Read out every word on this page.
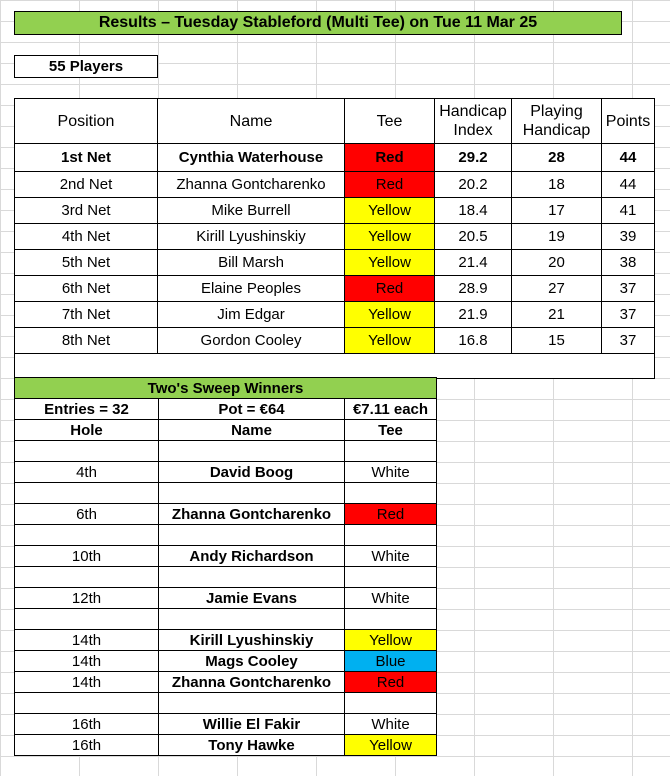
Results – Tuesday Stableford (Multi Tee) on Tue 11 Mar 25
55 Players
Position	Name	Tee	Handicap Index	Playing Handicap	Points
1st Net	Cynthia Waterhouse	Red	29.2	28	44
2nd Net	Zhanna Gontcharenko	Red	20.2	18	44
3rd Net	Mike Burrell	Yellow	18.4	17	41
4th Net	Kirill Lyushinskiy	Yellow	20.5	19	39
5th Net	Bill Marsh	Yellow	21.4	20	38
6th Net	Elaine Peoples	Red	28.9	27	37
7th Net	Jim Edgar	Yellow	21.9	21	37
8th Net	Gordon Cooley	Yellow	16.8	15	37

Two's Sweep Winners		
Entries = 32	Pot = €64	€7.11 each
Hole	Name	Tee

4th	David Boog	White

6th	Zhanna Gontcharenko	Red

10th	Andy Richardson	White

12th	Jamie Evans	White

14th	Kirill Lyushinskiy	Yellow
14th	Mags Cooley	Blue
14th	Zhanna Gontcharenko	Red

16th	Willie El Fakir	White
16th	Tony Hawke	Yellow
